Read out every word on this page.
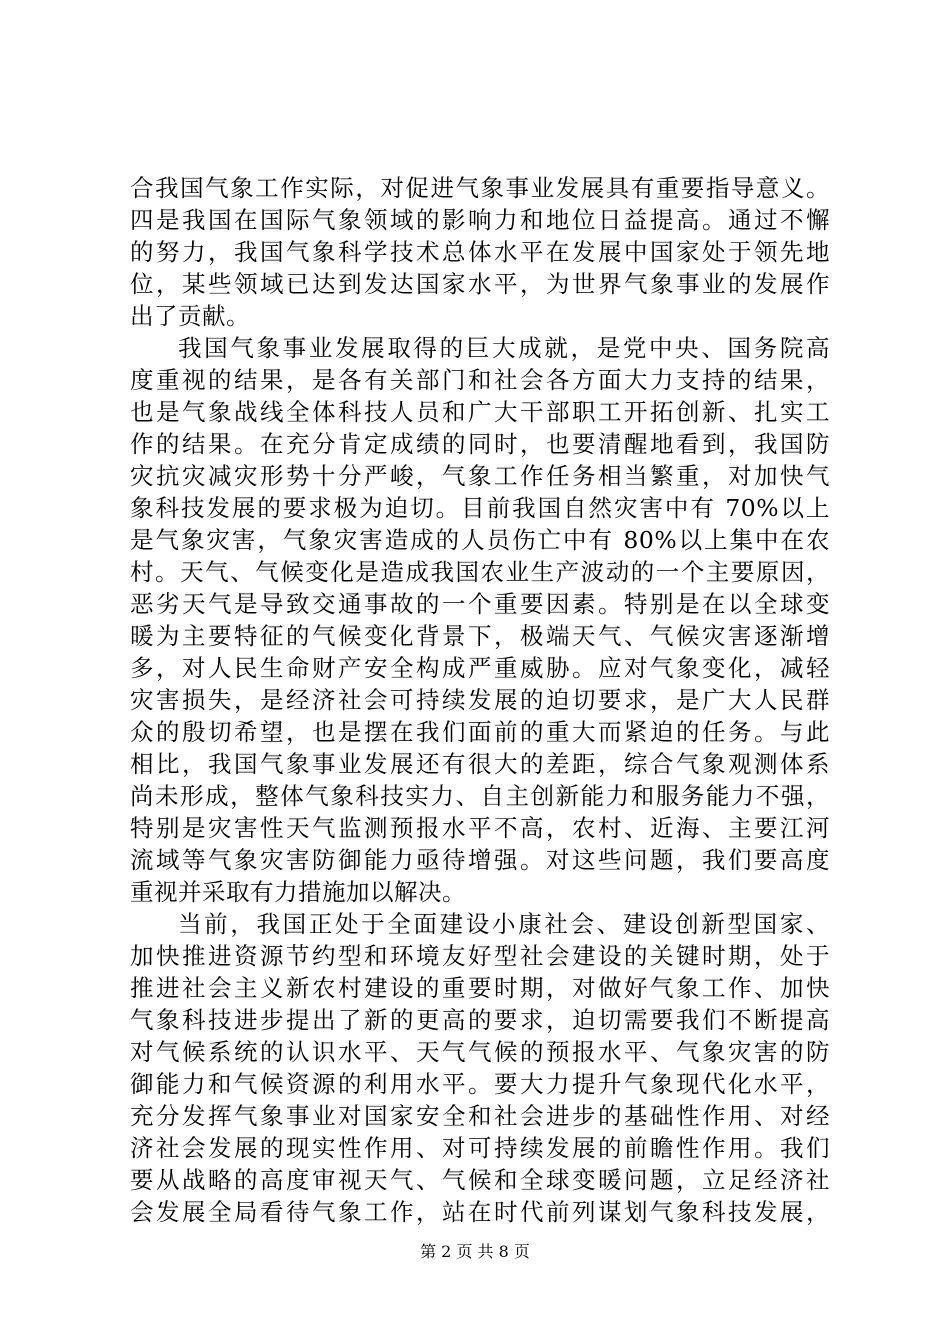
合我国气象工作实际，对促进气象事业发展具有重要指导意义。
四是我国在国际气象领域的影响力和地位日益提高。通过不懈
的努力，我国气象科学技术总体水平在发展中国家处于领先地
位，某些领域已达到发达国家水平，为世界气象事业的发展作
出了贡献。
我国气象事业发展取得的巨大成就，是党中央、国务院高
度重视的结果，是各有关部门和社会各方面大力支持的结果，
也是气象战线全体科技人员和广大干部职工开拓创新、扎实工
作的结果。在充分肯定成绩的同时，也要清醒地看到，我国防
灾抗灾减灾形势十分严峻，气象工作任务相当繁重，对加快气
象科技发展的要求极为迫切。目前我国自然灾害中有 70%以上
是气象灾害，气象灾害造成的人员伤亡中有 80%以上集中在农
村。天气、气候变化是造成我国农业生产波动的一个主要原因，
恶劣天气是导致交通事故的一个重要因素。特别是在以全球变
暖为主要特征的气候变化背景下，极端天气、气候灾害逐渐增
多，对人民生命财产安全构成严重威胁。应对气象变化，减轻
灾害损失，是经济社会可持续发展的迫切要求，是广大人民群
众的殷切希望，也是摆在我们面前的重大而紧迫的任务。与此
相比，我国气象事业发展还有很大的差距，综合气象观测体系
尚未形成，整体气象科技实力、自主创新能力和服务能力不强，
特别是灾害性天气监测预报水平不高，农村、近海、主要江河
流域等气象灾害防御能力亟待增强。对这些问题，我们要高度
重视并采取有力措施加以解决。
当前，我国正处于全面建设小康社会、建设创新型国家、
加快推进资源节约型和环境友好型社会建设的关键时期，处于
推进社会主义新农村建设的重要时期，对做好气象工作、加快
气象科技进步提出了新的更高的要求，迫切需要我们不断提高
对气候系统的认识水平、天气气候的预报水平、气象灾害的防
御能力和气候资源的利用水平。要大力提升气象现代化水平，
充分发挥气象事业对国家安全和社会进步的基础性作用、对经
济社会发展的现实性作用、对可持续发展的前瞻性作用。我们
要从战略的高度审视天气、气候和全球变暖问题，立足经济社
会发展全局看待气象工作，站在时代前列谋划气象科技发展，
第 2 页 共 8 页
